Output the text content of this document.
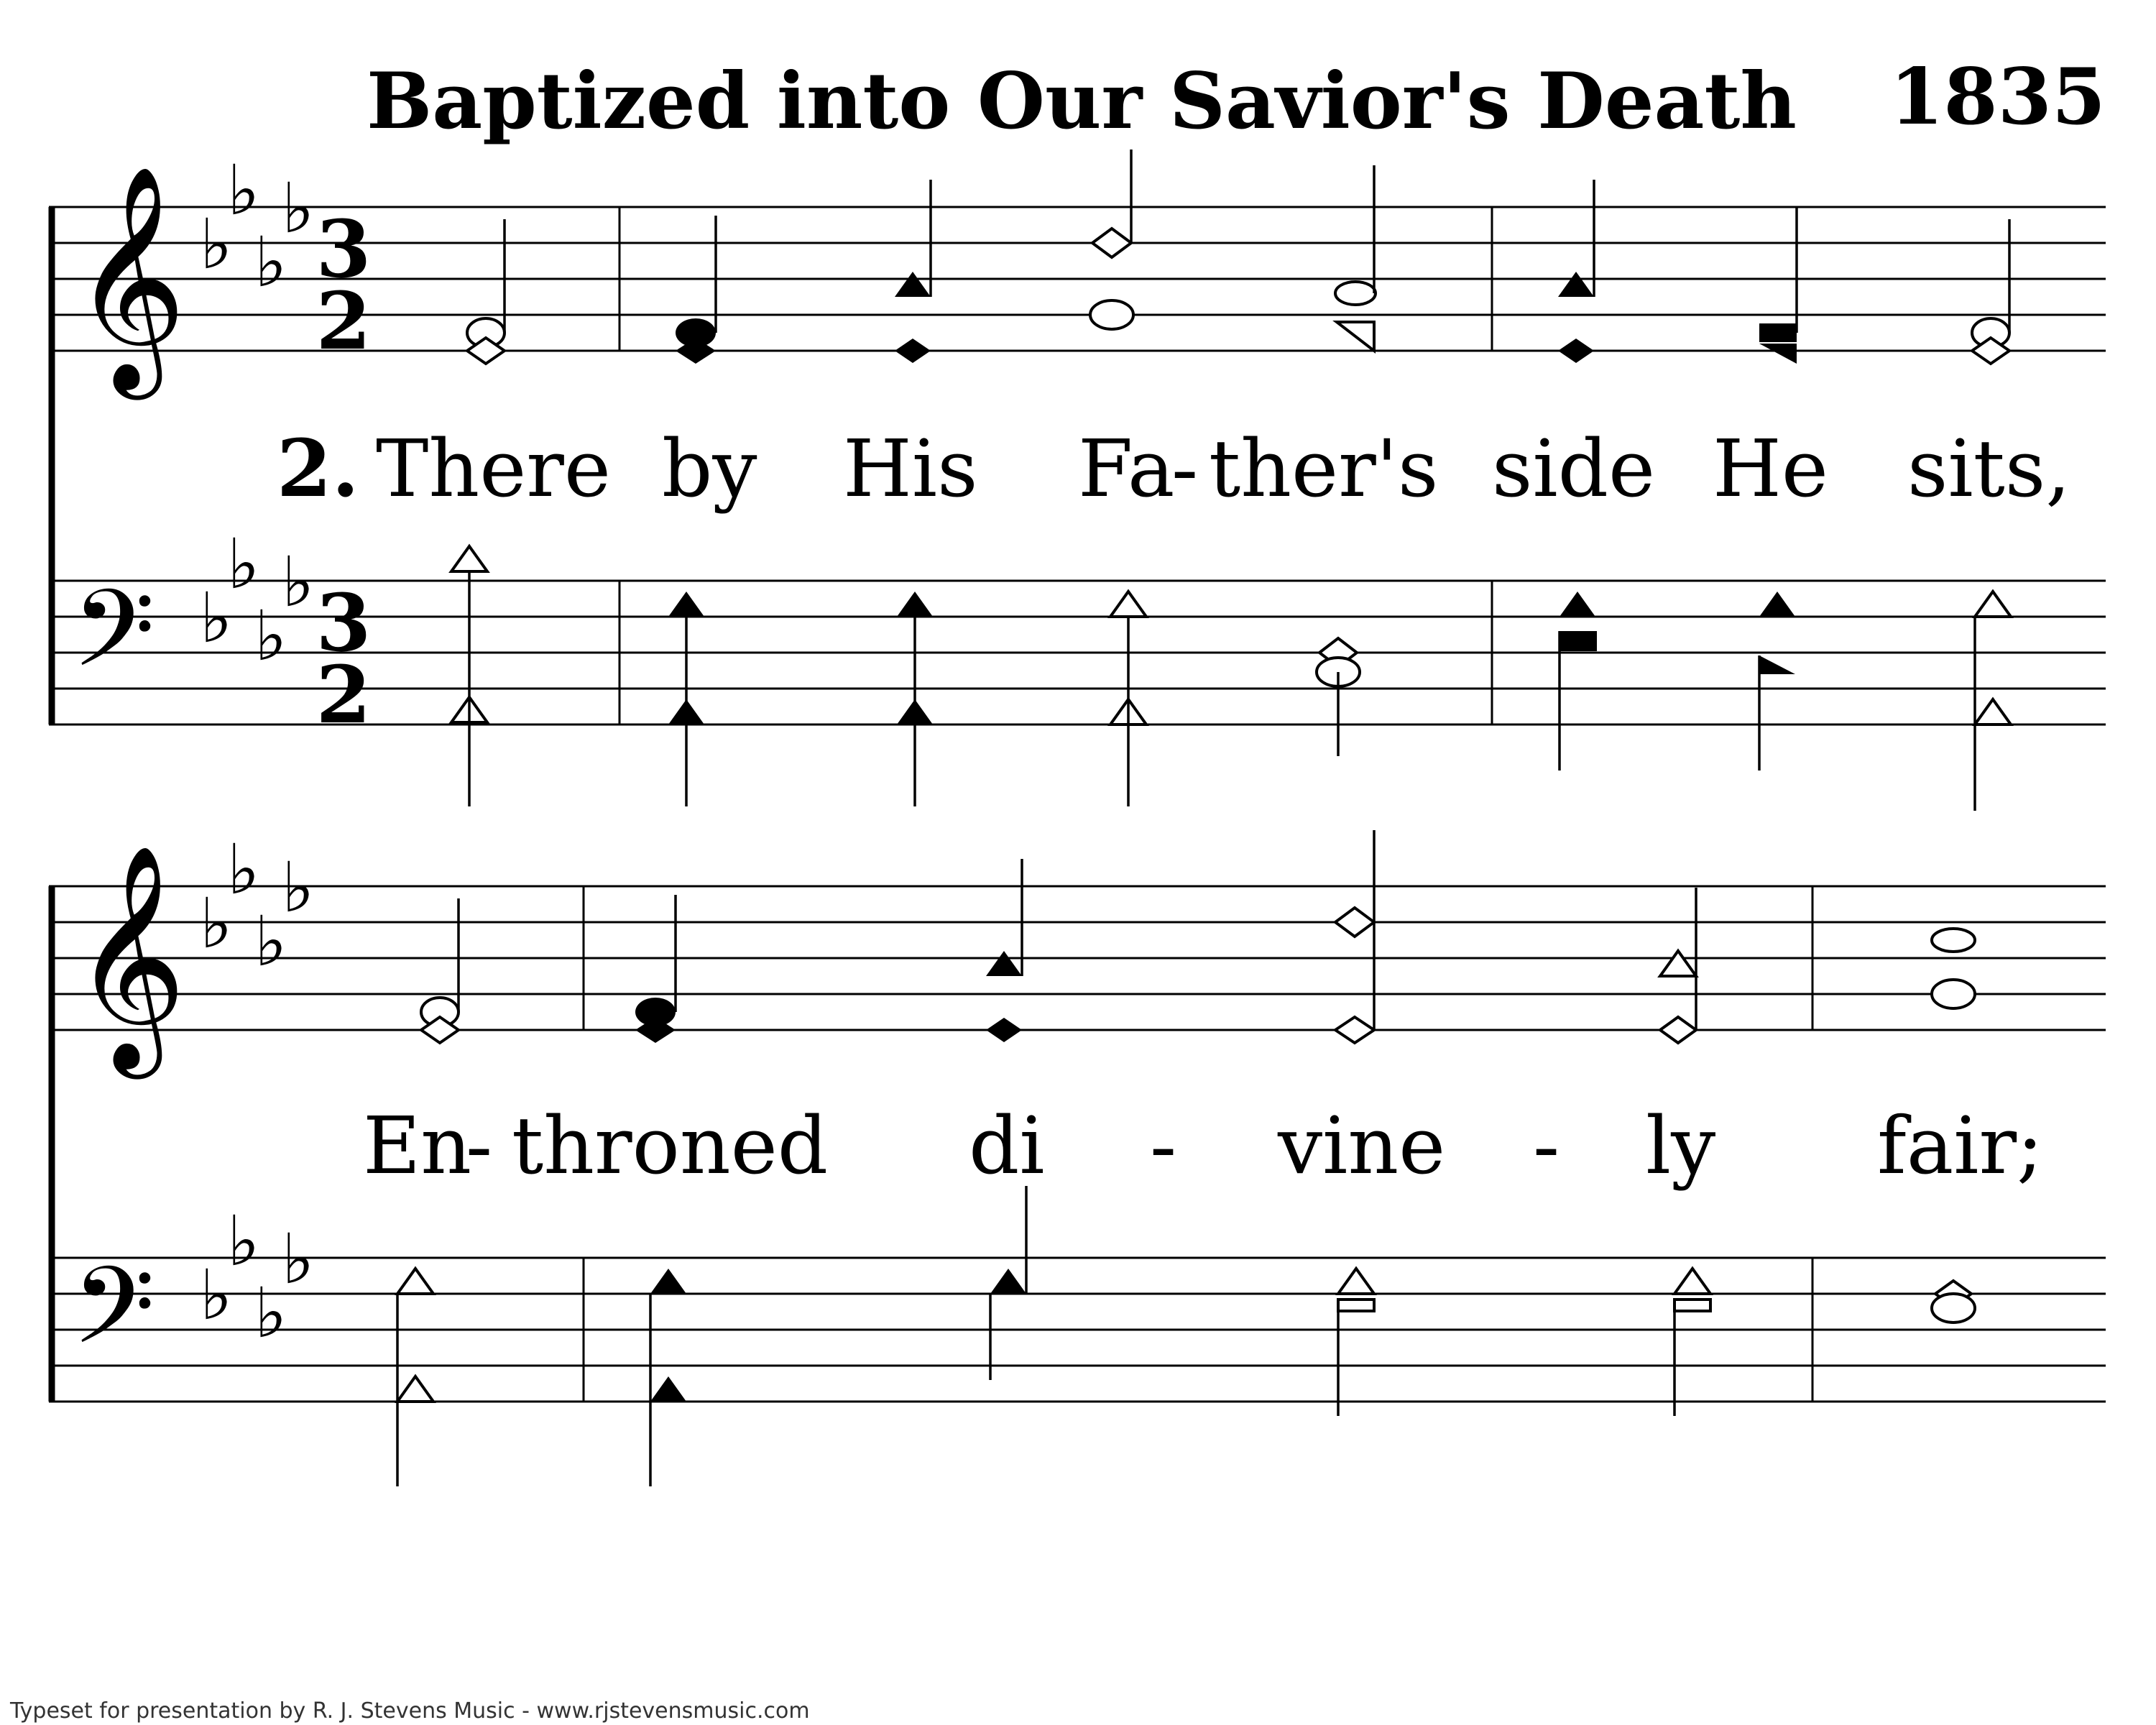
Baptized into Our Savior's Death 1835
𝄞
𝄢
♭
♭
♭
♭
♭
♭
♭
♭
3
2
3
2
2. There by His Fa
- ther's side He sits,
𝄞
𝄢
♭
♭
♭
♭
♭
♭
♭
♭
En
- throned di - vine - ly fair;
Typeset for presentation by R. J. Stevens Music - www.rjstevensmusic.com
